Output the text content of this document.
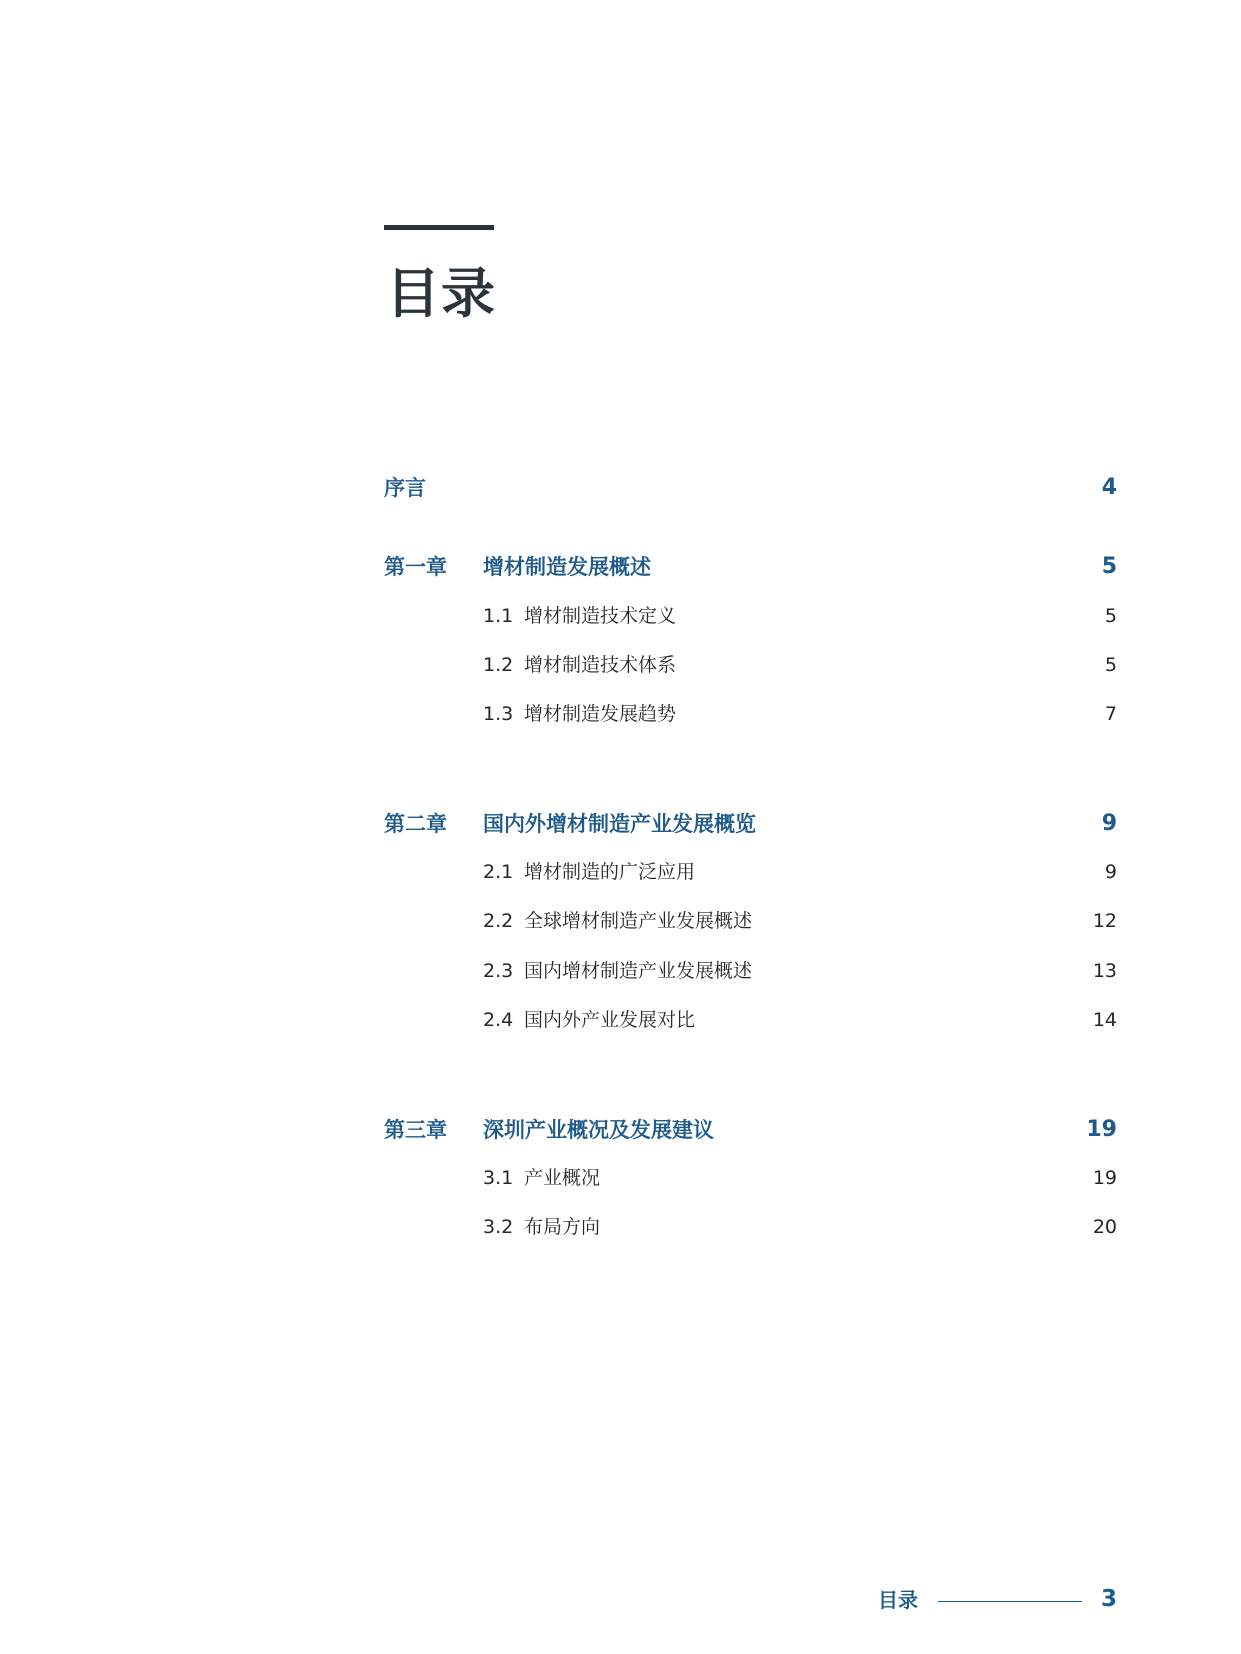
目录
序言	4
第一章 增材制造发展概述	5
1.1 增材制造技术定义	5
1.2 增材制造技术体系	5
1.3 增材制造发展趋势	7
第二章 国内外增材制造产业发展概览	9
2.1 增材制造的广泛应用	9
2.2 全球增材制造产业发展概述	12
2.3 国内增材制造产业发展概述	13
2.4 国内外产业发展对比	14
第三章 深圳产业概况及发展建议	19
3.1 产业概况	19
3.2 布局方向	20
目录	3
